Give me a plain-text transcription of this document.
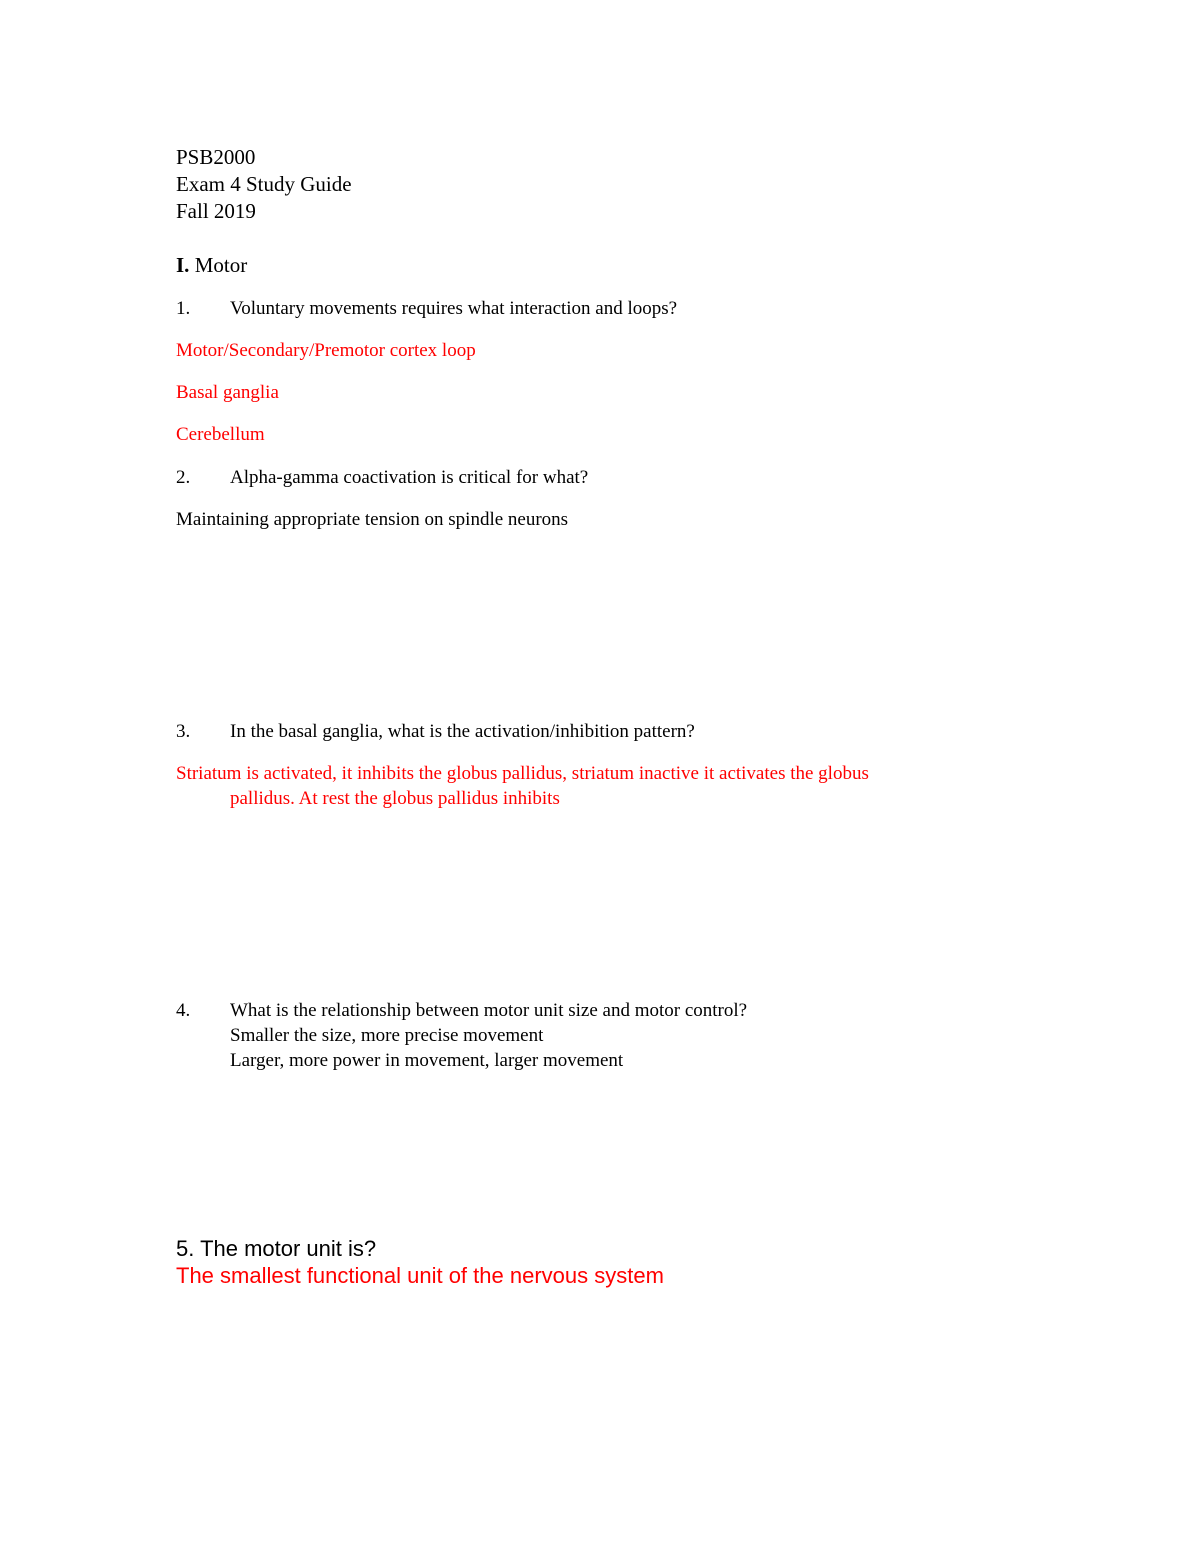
PSB2000
Exam 4 Study Guide
Fall 2019
I. Motor
1. Voluntary movements requires what interaction and loops?
Motor/Secondary/Premotor cortex loop
Basal ganglia
Cerebellum
2. Alpha-gamma coactivation is critical for what?
Maintaining appropriate tension on spindle neurons
3. In the basal ganglia, what is the activation/inhibition pattern?
Striatum is activated, it inhibits the globus pallidus, striatum inactive it activates the globus
pallidus. At rest the globus pallidus inhibits
4. What is the relationship between motor unit size and motor control?
Smaller the size, more precise movement
Larger, more power in movement, larger movement
5. The motor unit is?
The smallest functional unit of the nervous system
